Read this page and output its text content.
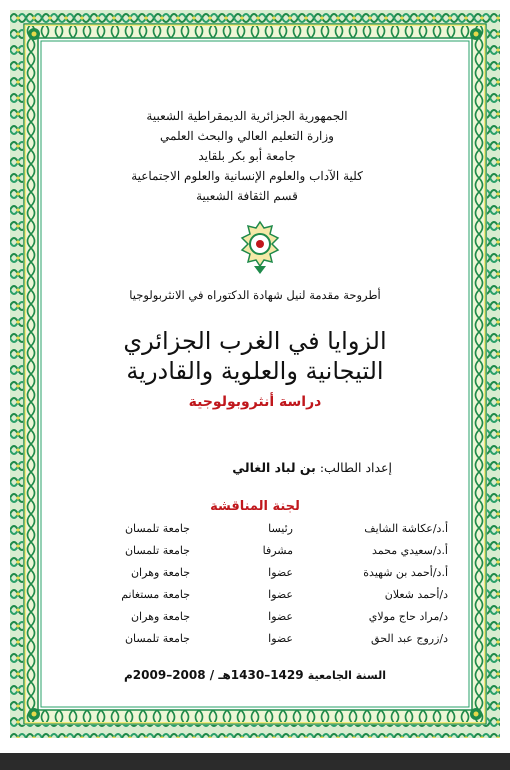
الجمهورية الجزائرية الديمقراطية الشعبية
وزارة التعليم العالي والبحث العلمي
جامعة أبو بكر بلقايد
كلية الآداب والعلوم الإنسانية والعلوم الاجتماعية
قسم الثقافة الشعبية
أطروحة مقدمة لنيل شهادة الدكتوراه في الانثربولوجيا
الزوايا في الغرب الجزائري
التيجانية والعلوية والقادرية
دراسة أنثروبولوجية
إعداد الطالب: بن لباد الغالي
لجنة المناقشة
أ.د/عكاشة الشايف
رئيسا
جامعة تلمسان
أ.د/سعيدي محمد
مشرفا
جامعة تلمسان
أ.د/أحمد بن شهيدة
عضوا
جامعة وهران
د/أحمد شعلان
عضوا
جامعة مستغانم
د/مراد حاج مولاي
عضوا
جامعة وهران
د/زروج عبد الحق
عضوا
جامعة تلمسان
السنة الجامعية 1429–1430هـ / 2008–2009م
